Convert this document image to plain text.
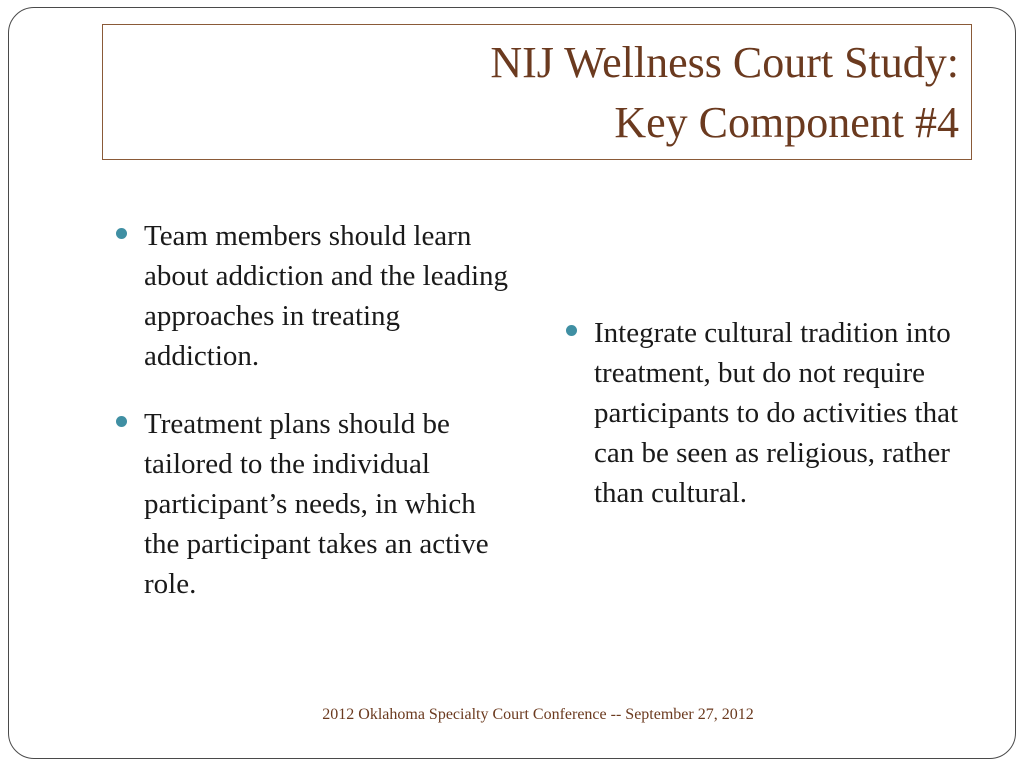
NIJ Wellness Court Study:
Key Component #4
Team members should learn about addiction and the leading approaches in treating addiction.
Treatment plans should be tailored to the individual participant’s needs, in which the participant takes an active role.
Integrate cultural tradition into treatment, but do not require participants to do activities that can be seen as religious, rather than cultural.
2012 Oklahoma Specialty Court Conference -- September 27, 2012
